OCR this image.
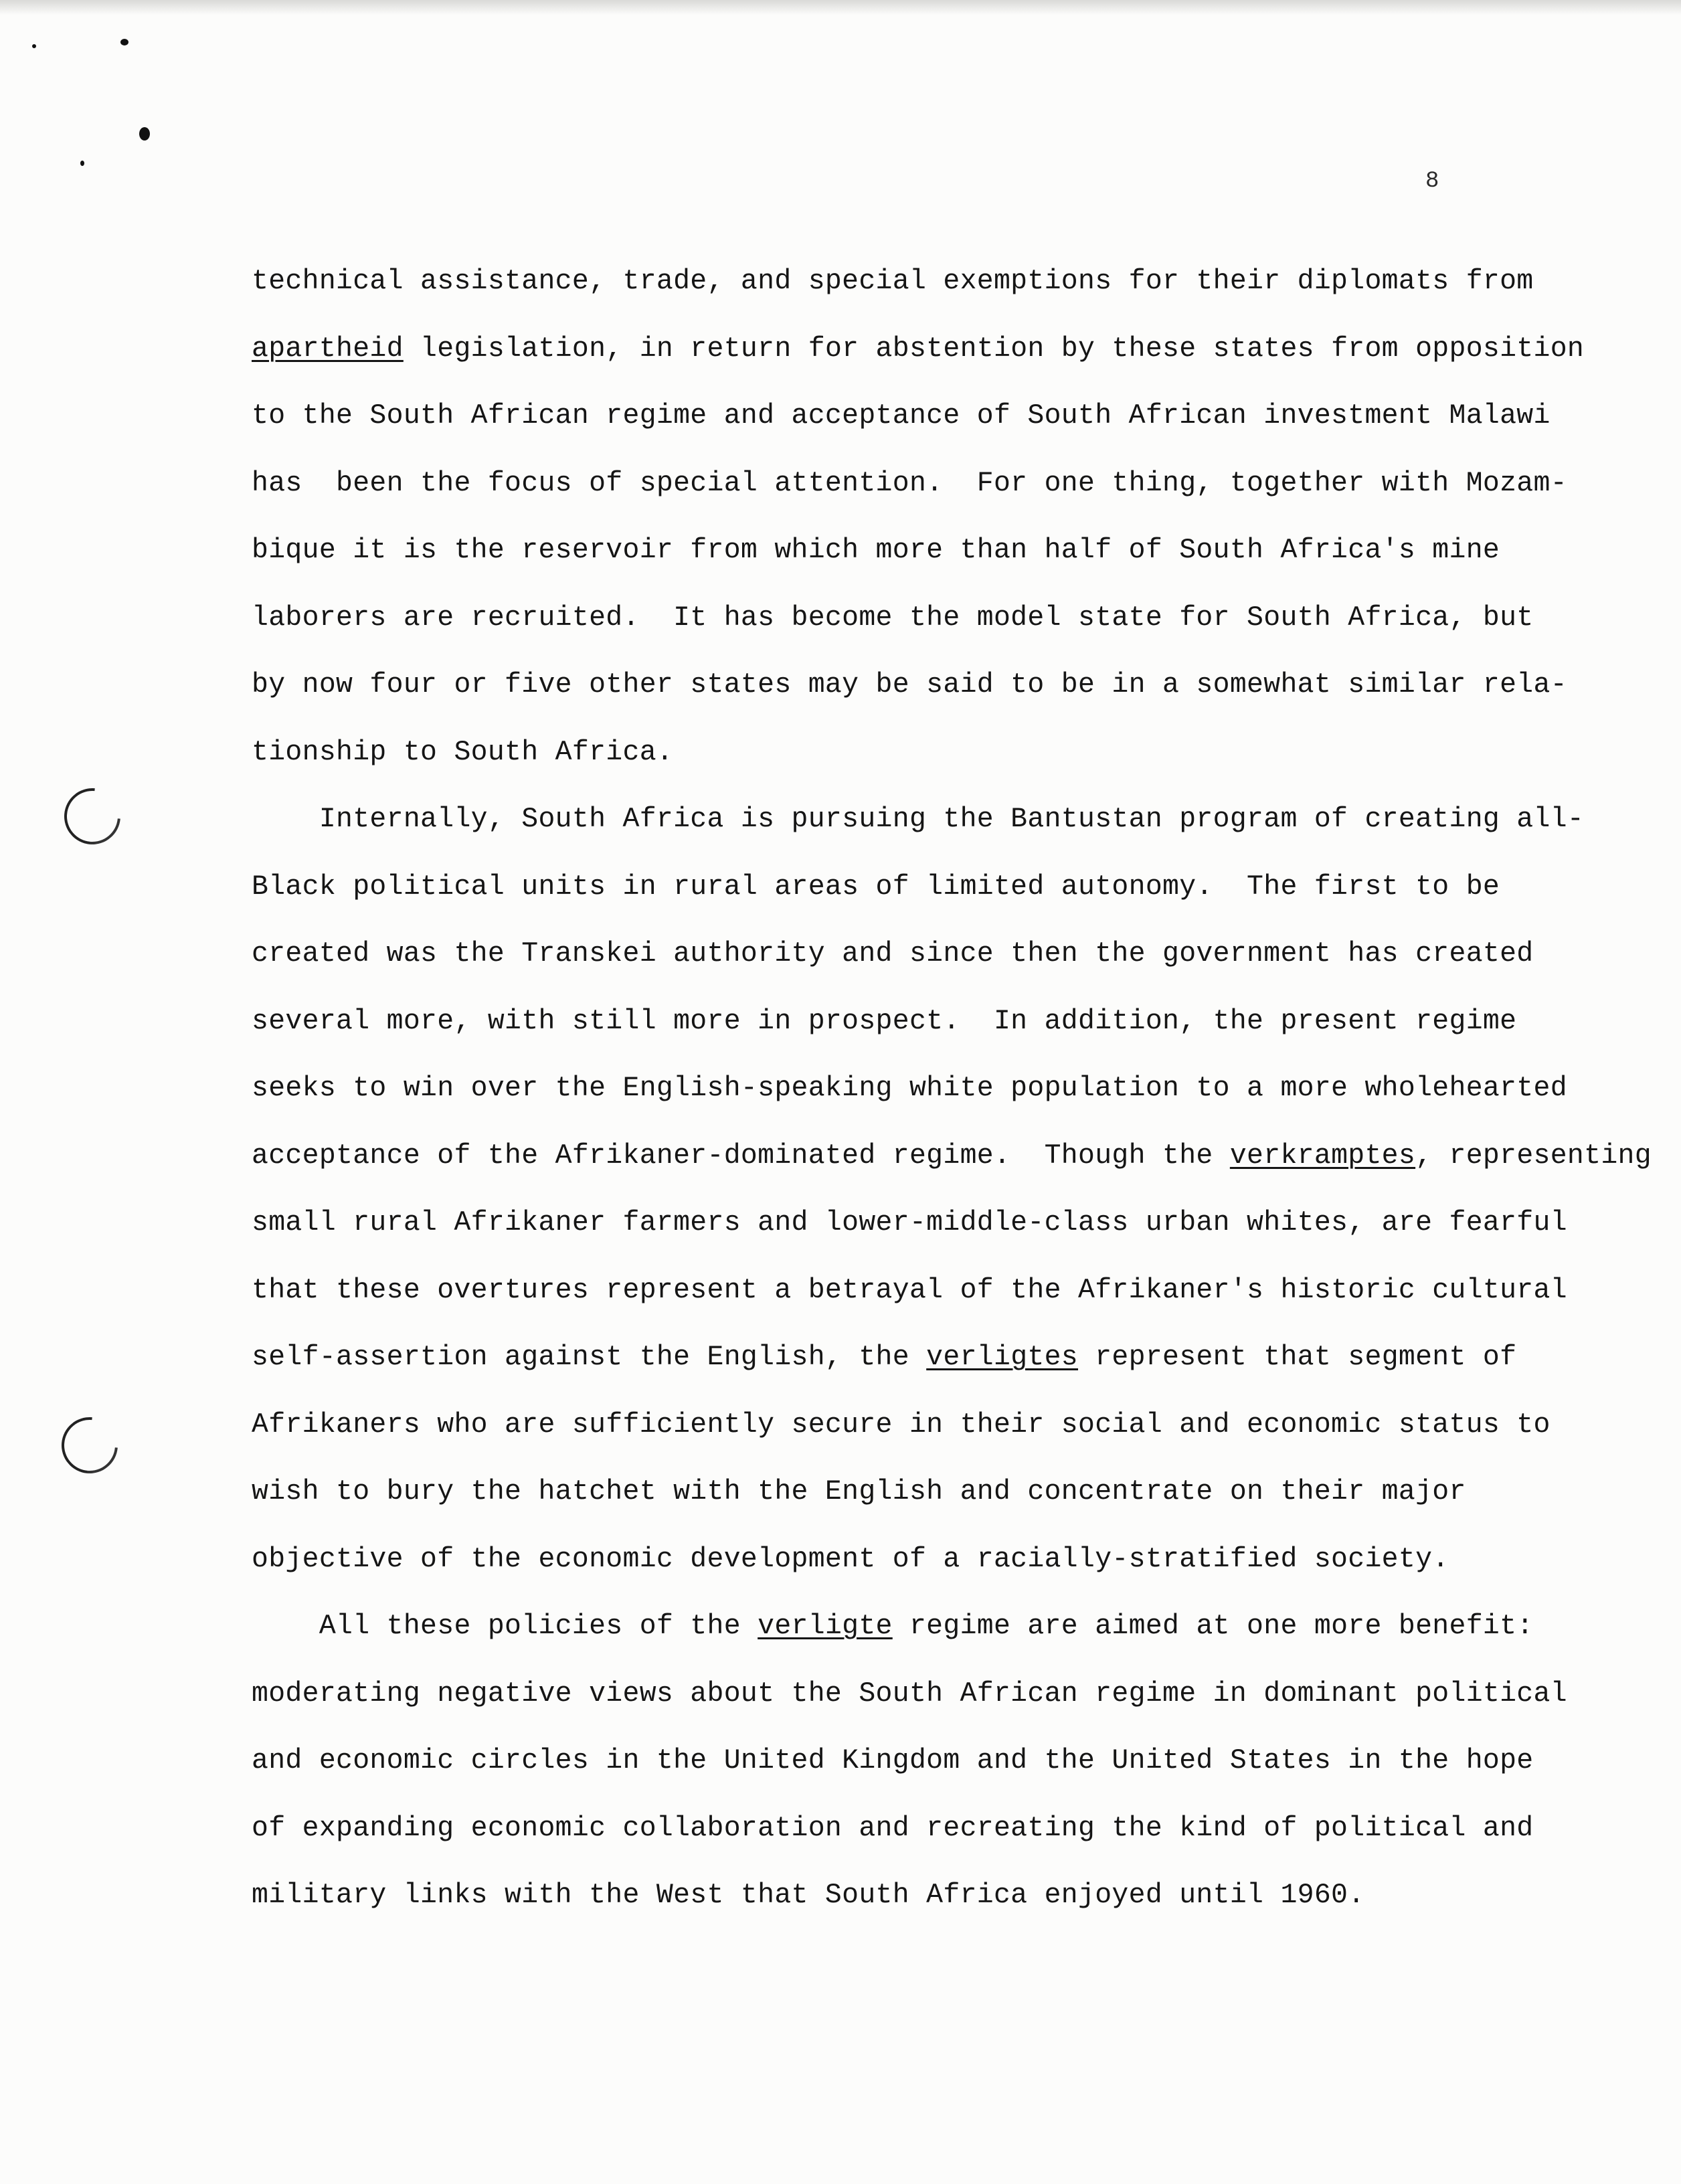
8
technical assistance, trade, and special exemptions for their diplomats from
apartheid legislation, in return for abstention by these states from opposition
to the South African regime and acceptance of South African investment Malawi
has  been the focus of special attention.  For one thing, together with Mozam-
bique it is the reservoir from which more than half of South Africa's mine
laborers are recruited.  It has become the model state for South Africa, but
by now four or five other states may be said to be in a somewhat similar rela-
tionship to South Africa.
Internally, South Africa is pursuing the Bantustan program of creating all-
Black political units in rural areas of limited autonomy.  The first to be
created was the Transkei authority and since then the government has created
several more, with still more in prospect.  In addition, the present regime
seeks to win over the English-speaking white population to a more wholehearted
acceptance of the Afrikaner-dominated regime.  Though the verkramptes, representing
small rural Afrikaner farmers and lower-middle-class urban whites, are fearful
that these overtures represent a betrayal of the Afrikaner's historic cultural
self-assertion against the English, the verligtes represent that segment of
Afrikaners who are sufficiently secure in their social and economic status to
wish to bury the hatchet with the English and concentrate on their major
objective of the economic development of a racially-stratified society.
All these policies of the verligte regime are aimed at one more benefit:
moderating negative views about the South African regime in dominant political
and economic circles in the United Kingdom and the United States in the hope
of expanding economic collaboration and recreating the kind of political and
military links with the West that South Africa enjoyed until 1960.
